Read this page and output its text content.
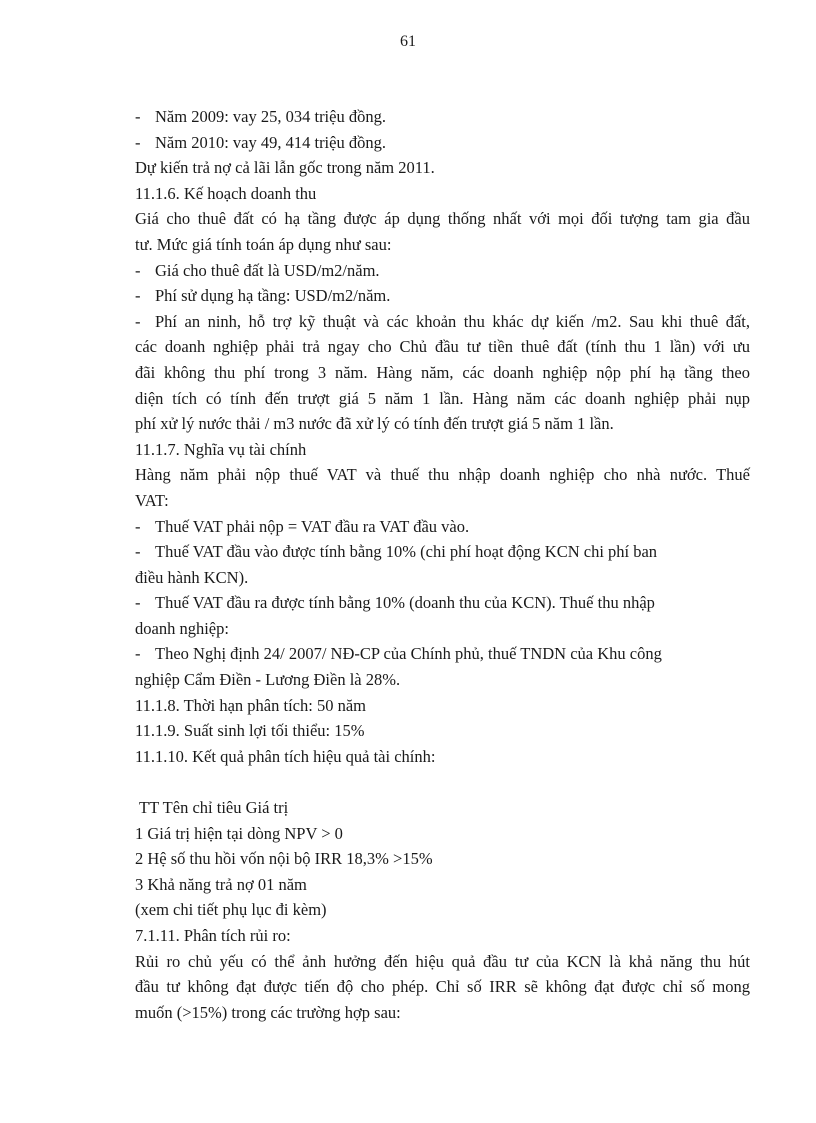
61
- Năm 2009: vay 25, 034 triệu đồng.
- Năm 2010: vay 49, 414 triệu đồng.
Dự kiến trả nợ cả lãi lẫn gốc trong năm 2011.
11.1.6. Kế hoạch doanh thu
Giá cho thuê đất có hạ tầng được áp dụng thống nhất với mọi đối tượng tam gia đầu
tư. Mức giá tính toán áp dụng như sau:
- Giá cho thuê đất là USD/m2/năm.
- Phí sử dụng hạ tầng: USD/m2/năm.
- Phí an ninh, hỗ trợ kỹ thuật và các khoản thu khác dự kiến /m2. Sau khi thuê đất,
các doanh nghiệp phải trả ngay cho Chủ đầu tư tiền thuê đất (tính thu 1 lần) với ưu
đãi không thu phí trong 3 năm. Hàng năm, các doanh nghiệp nộp phí hạ tầng theo
diện tích có tính đến trượt giá 5 năm 1 lần. Hàng năm các doanh nghiệp phải nụp
phí xử lý nước thải / m3 nước đã xử lý có tính đến trượt giá 5 năm 1 lần.
11.1.7. Nghĩa vụ tài chính
Hàng năm phải nộp thuế VAT và thuế thu nhập doanh nghiệp cho nhà nước. Thuế
VAT:
- Thuế VAT phải nộp = VAT đầu ra VAT đầu vào.
- Thuế VAT đầu vào được tính bằng 10% (chi phí hoạt động KCN chi phí ban
điều hành KCN).
- Thuế VAT đầu ra được tính bằng 10% (doanh thu của KCN). Thuế thu nhập
doanh nghiệp:
- Theo Nghị định 24/ 2007/ NĐ-CP của Chính phủ, thuế TNDN của Khu công
nghiệp Cẩm Điền - Lương Điền là 28%.
11.1.8. Thời hạn phân tích: 50 năm
11.1.9. Suất sinh lợi tối thiểu: 15%
11.1.10. Kết quả phân tích hiệu quả tài chính:
TT Tên chỉ tiêu Giá trị
1 Giá trị hiện tại dòng NPV > 0
2 Hệ số thu hồi vốn nội bộ IRR 18,3% >15%
3 Khả năng trả nợ 01 năm
(xem chi tiết phụ lục đi kèm)
7.1.11. Phân tích rủi ro:
Rủi ro chủ yếu có thể ảnh hưởng đến hiệu quả đầu tư của KCN là khả năng thu hút
đầu tư không đạt được tiến độ cho phép. Chỉ số IRR sẽ không đạt được chỉ số mong
muốn (>15%) trong các trường hợp sau:
